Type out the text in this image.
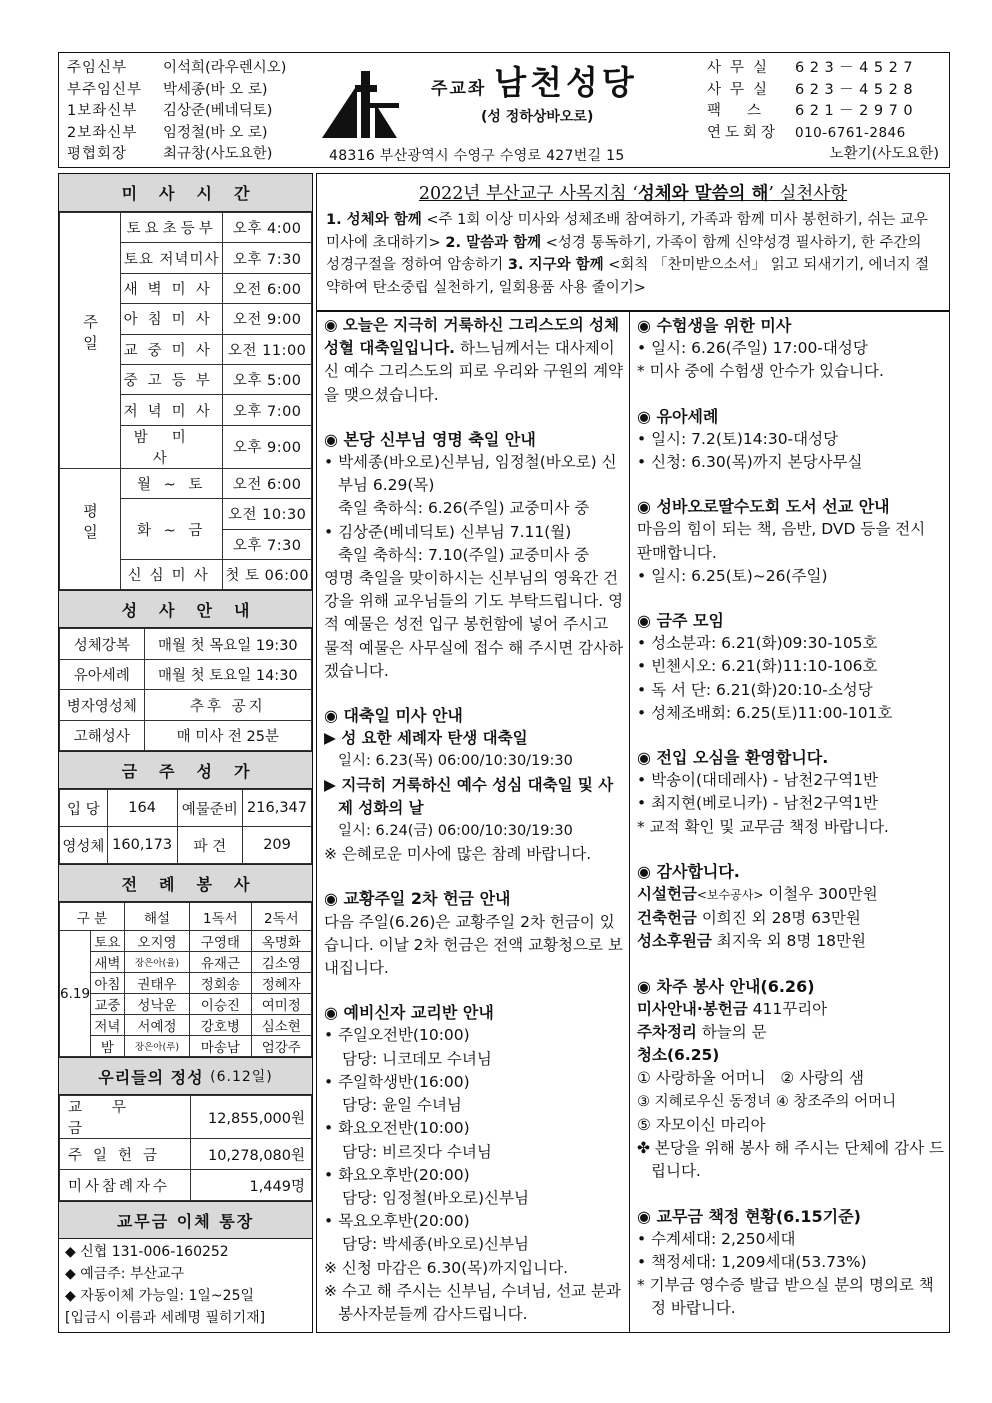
주임신부	이석희(라우렌시오)
부주임신부	박세종(바 오 로)
1보좌신부	김상준(베네딕토)
2보좌신부	임정철(바 오 로)
평협회장	최규창(사도요한)
주교좌 남천성당
(성 정하상바오로)
48316 부산광역시 수영구 수영로 427번길 15
사무실	623－4527
사무실	623－4528
팩스 621－2970
연도회장	010-6761-2846
노환기(사도요한)
미사시간
주일	토요초등부	오후 4:00
	토요 저녁미사	오후 7:30
	새벽미사	오전 6:00
	아침미사	오전 9:00
	교중미사	오전 11:00
	중고등부	오후 5:00
	저녁미사	오후 7:00
	밤미사	오후 9:00
평일	월 ~ 토	오전 6:00
	화 ~ 금	오전 10:30
		오후 7:30
	신심미사	첫 토 06:00
성사안내
성체강복	매월 첫 목요일 19:30
유아세례	매월 첫 토요일 14:30
병자영성체	추후 공지
고해성사	매 미사 전 25분
금주성가
입 당	164	예물준비	216,347
영성체	160,173	파 견	209
전례봉사
구 분		해설	1독서	2독서
6.19	토요	오지영	구영태	옥명화
	새벽	장은아(율)	유재근	김소영
	아침	권태우	정회송	정혜자
	교중	성낙운	이승진	여미정
	저녁	서예정	강호병	심소현
	밤	장은아(루)	마송남	엄강주
우리들의 정성
(6.12일)
교무금	12,855,000원
주일헌금	10,278,080원
미사참례자수	1,449명
교무금 이체 통장
◆ 신협 131-006-160252
◆ 예금주: 부산교구
◆ 자동이체 가능일: 1일~25일
[입금시 이름과 세례명 필히기재]
2022년 부산교구 사목지침 ‘성체와 말씀의 해’ 실천사항

1. 성체와 함께 <주 1회 이상 미사와 성체조배 참여하기, 가족과 함께 미사 봉헌하기, 쉬는 교우 미사에 초대하기> 2. 말씀과 함께 <성경 통독하기, 가족이 함께 신약성경 필사하기, 한 주간의 성경구절을 정하여 암송하기 3. 지구와 함께 <회칙 「찬미받으소서」 읽고 되새기기, 에너지 절약하여 탄소중립 실천하기, 일회용품 사용 줄이기>

◉ 오늘은 지극히 거룩하신 그리스도의 성체 성혈 대축일입니다. 하느님께서는 대사제이신 예수 그리스도의 피로 우리와 구원의 계약을 맺으셨습니다.
◉ 본당 신부님 영명 축일 안내
• 박세종(바오로)신부님, 임정철(바오로) 신부님 6.29(목)
축일 축하식: 6.26(주일) 교중미사 중
• 김상준(베네딕토) 신부님 7.11(월)
축일 축하식: 7.10(주일) 교중미사 중
영명 축일을 맞이하시는 신부님의 영육간 건강을 위해 교우님들의 기도 부탁드립니다. 영적 예물은 성전 입구 봉헌함에 넣어 주시고 물적 예물은 사무실에 접수 해 주시면 감사하겠습니다.
◉ 대축일 미사 안내
▶ 성 요한 세례자 탄생 대축일
일시: 6.23(목) 06:00/10:30/19:30
▶ 지극히 거룩하신 예수 성심 대축일 및 사제 성화의 날
일시: 6.24(금) 06:00/10:30/19:30
※ 은혜로운 미사에 많은 참례 바랍니다.
◉ 교황주일 2차 헌금 안내
다음 주일(6.26)은 교황주일 2차 헌금이 있습니다. 이날 2차 헌금은 전액 교황청으로 보내집니다.
◉ 예비신자 교리반 안내
• 주일오전반(10:00)
담당: 니코데모 수녀님
• 주일학생반(16:00)
담당: 윤일 수녀님
• 화요오전반(10:00)
담당: 비르짓다 수녀님
• 화요오후반(20:00)
담당: 임정철(바오로)신부님
• 목요오후반(20:00)
담당: 박세종(바오로)신부님
※ 신청 마감은 6.30(목)까지입니다.
※ 수고 해 주시는 신부님, 수녀님, 선교 분과 봉사자분들께 감사드립니다.
◉ 수험생을 위한 미사
• 일시: 6.26(주일) 17:00-대성당
* 미사 중에 수험생 안수가 있습니다.
◉ 유아세례
• 일시: 7.2(토)14:30-대성당
• 신청: 6.30(목)까지 본당사무실
◉ 성바오로딸수도회 도서 선교 안내
마음의 힘이 되는 책, 음반, DVD 등을 전시 판매합니다.
• 일시: 6.25(토)~26(주일)
◉ 금주 모임
• 성소분과: 6.21(화)09:30-105호
• 빈첸시오: 6.21(화)11:10-106호
• 독 서 단: 6.21(화)20:10-소성당
• 성체조배회: 6.25(토)11:00-101호
◉ 전입 오심을 환영합니다.
• 박송이(대데레사) - 남천2구역1반
• 최지현(베로니카) - 남천2구역1반
* 교적 확인 및 교무금 책정 바랍니다.
◉ 감사합니다.
시설헌금<보수공사> 이철우 300만원
건축헌금 이희진 외 28명 63만원
성소후원금 최지욱 외 8명 18만원
◉ 차주 봉사 안내(6.26)
미사안내·봉헌금 411꾸리아
주차정리 하늘의 문
청소(6.25)
① 사랑하올 어머니   ② 사랑의 샘
③ 지혜로우신 동정녀 ④ 창조주의 어머니
⑤ 자모이신 마리아
✤ 본당을 위해 봉사 해 주시는 단체에 감사 드립니다.
◉ 교무금 책정 현황(6.15기준)
• 수계세대: 2,250세대
• 책정세대: 1,209세대(53.73%)
* 기부금 영수증 발급 받으실 분의 명의로 책정 바랍니다.
